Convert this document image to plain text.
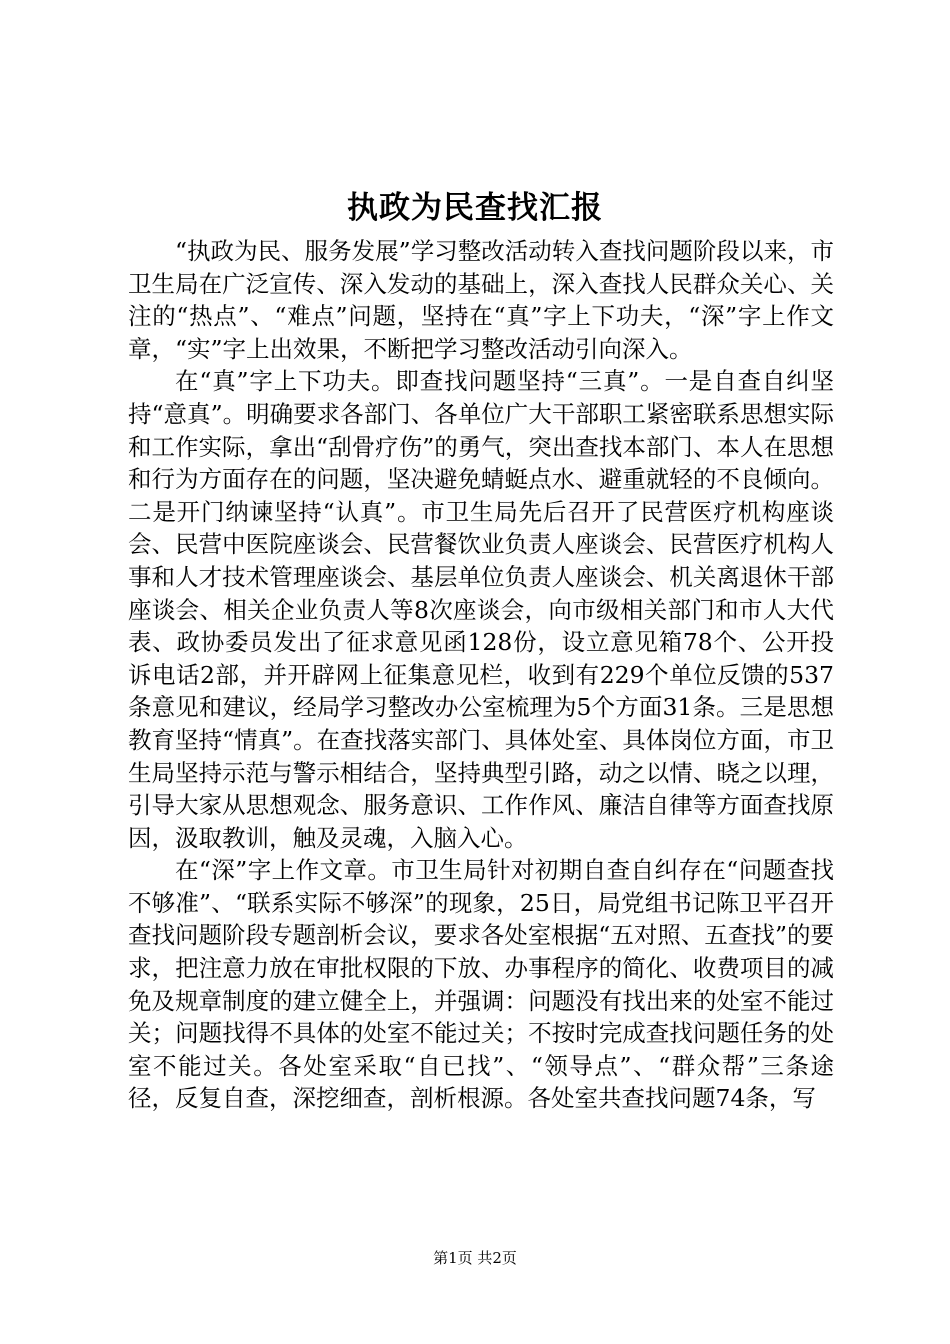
执政为民查找汇报

“执政为民、服务发展”学习整改活动转入查找问题阶段以来，市卫生局在广泛宣传、深入发动的基础上，深入查找人民群众关心、关注的“热点”、“难点”问题，坚持在“真”字上下功夫，“深”字上作文章，“实”字上出效果，不断把学习整改活动引向深入。

在“真”字上下功夫。即查找问题坚持“三真”。一是自查自纠坚持“意真”。明确要求各部门、各单位广大干部职工紧密联系思想实际和工作实际，拿出“刮骨疗伤”的勇气，突出查找本部门、本人在思想和行为方面存在的问题，坚决避免蜻蜓点水、避重就轻的不良倾向。二是开门纳谏坚持“认真”。市卫生局先后召开了民营医疗机构座谈会、民营中医院座谈会、民营餐饮业负责人座谈会、民营医疗机构人事和人才技术管理座谈会、基层单位负责人座谈会、机关离退休干部座谈会、相关企业负责人等8次座谈会，向市级相关部门和市人大代表、政协委员发出了征求意见函128份，设立意见箱78个、公开投诉电话2部，并开辟网上征集意见栏，收到有229个单位反馈的537条意见和建议，经局学习整改办公室梳理为5个方面31条。三是思想教育坚持“情真”。在查找落实部门、具体处室、具体岗位方面，市卫生局坚持示范与警示相结合，坚持典型引路，动之以情、晓之以理，引导大家从思想观念、服务意识、工作作风、廉洁自律等方面查找原因，汲取教训，触及灵魂，入脑入心。

在“深”字上作文章。市卫生局针对初期自查自纠存在“问题查找不够准”、“联系实际不够深”的现象，25日，局党组书记陈卫平召开查找问题阶段专题剖析会议，要求各处室根据“五对照、五查找”的要求，把注意力放在审批权限的下放、办事程序的简化、收费项目的减免及规章制度的建立健全上，并强调：问题没有找出来的处室不能过关；问题找得不具体的处室不能过关；不按时完成查找问题任务的处室不能过关。各处室采取“自已找”、“领导点”、“群众帮”三条途径，反复自查，深挖细查，剖析根源。各处室共查找问题74条，写

第1页 共2页
